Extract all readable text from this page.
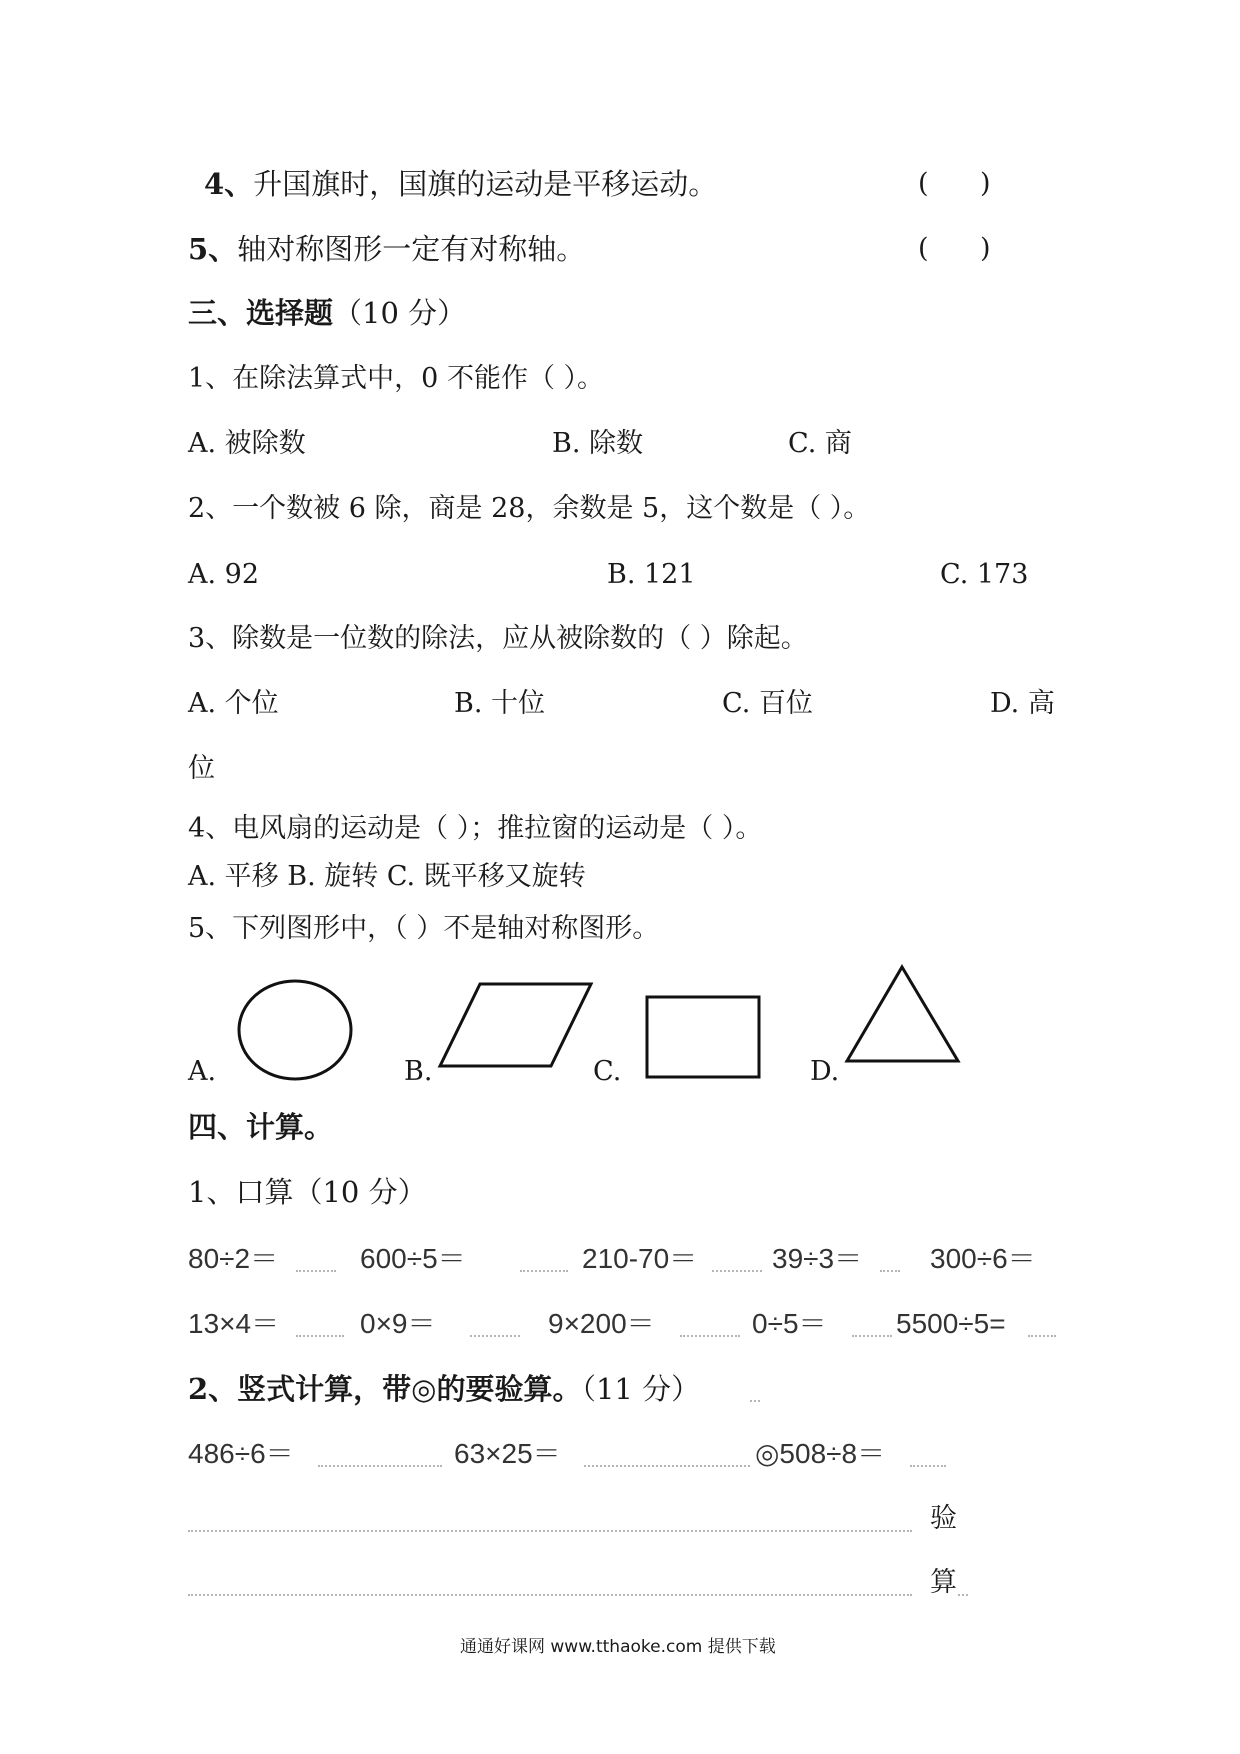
4、升国旗时，国旗的运动是平移运动。	(      )
5、轴对称图形一定有对称轴。	(      )
三、选择题（10 分）
1、在除法算式中，0 不能作（ ）。
A. 被除数	B. 除数	C. 商
2、一个数被 6 除，商是 28，余数是 5，这个数是（ ）。
A. 92	B. 121	C. 173
3、除数是一位数的除法，应从被除数的（ ）除起。
A. 个位	B. 十位	C. 百位	D. 高
位
4、电风扇的运动是（ ）；推拉窗的运动是（ ）。
A. 平移 B. 旋转 C. 既平移又旋转
5、下列图形中，（ ）不是轴对称图形。
A.	B.	C.	D.
四、计算。
1、口算（10 分）
80÷2＝	600÷5＝	210-70＝	39÷3＝ 300÷6＝
13×4＝	0×9＝	9×200＝	0÷5＝ 5500÷5=
2、竖式计算，带◎的要验算。（11 分）
486÷6＝	63×25＝	◎508÷8＝
验
算
通通好课网 www.tthaoke.com 提供下载
